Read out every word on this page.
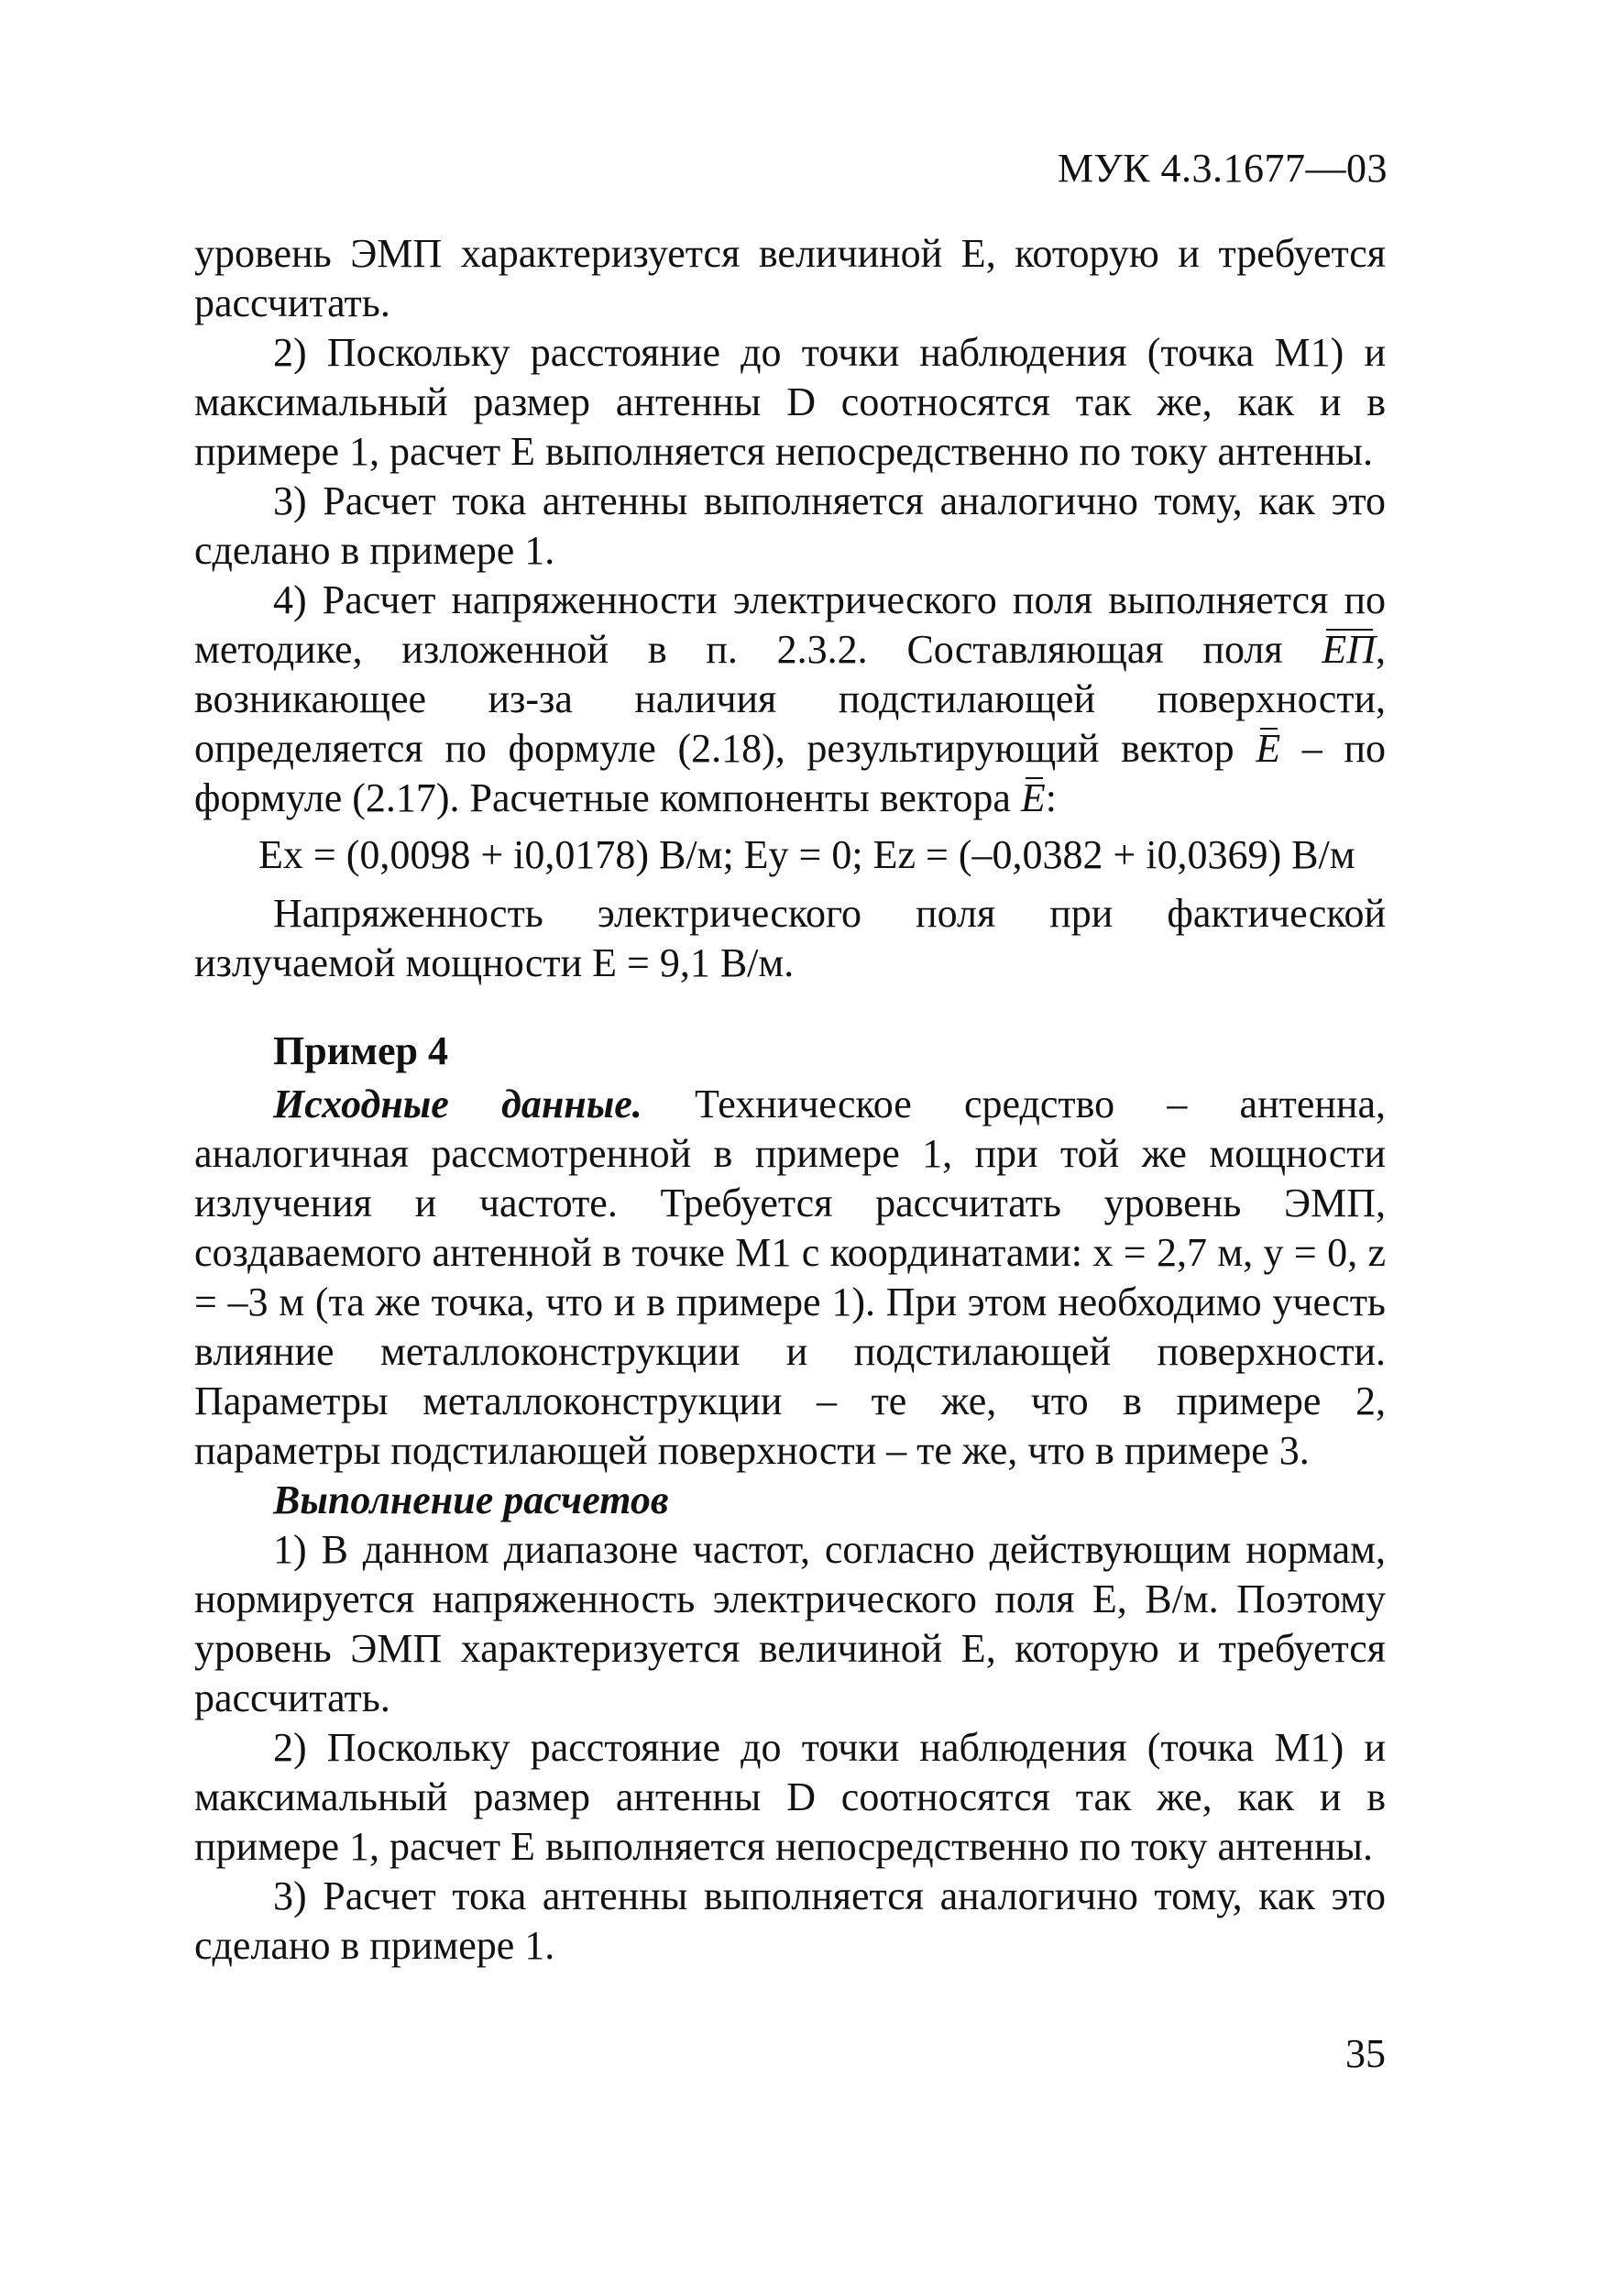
МУК 4.3.1677—03

уровень ЭМП характеризуется величиной E, которую и требуется рассчитать.

2) Поскольку расстояние до точки наблюдения (точка М1) и максимальный размер антенны D соотносятся так же, как и в примере 1, расчет E выполняется непосредственно по току антенны.

3) Расчет тока антенны выполняется аналогично тому, как это сделано в примере 1.

4) Расчет напряженности электрического поля выполняется по методике, изложенной в п. 2.3.2. Составляющая поля EП, возникающее из-за наличия подстилающей поверхности, определяется по формуле (2.18), результирующий вектор E – по формуле (2.17). Расчетные компоненты вектора E:

Ex = (0,0098 + i0,0178) В/м; Ey = 0; Ez = (–0,0382 + i0,0369) В/м

Напряженность электрического поля при фактической излучаемой мощности E = 9,1 В/м.

Пример 4

Исходные данные. Техническое средство – антенна, аналогичная рассмотренной в примере 1, при той же мощности излучения и частоте. Требуется рассчитать уровень ЭМП, создаваемого антенной в точке М1 с координатами: x = 2,7 м, y = 0, z = –3 м (та же точка, что и в примере 1). При этом необходимо учесть влияние металлоконструкции и подстилающей поверхности. Параметры металлоконструкции – те же, что в примере 2, параметры подстилающей поверхности – те же, что в примере 3.

Выполнение расчетов

1) В данном диапазоне частот, согласно действующим нормам, нормируется напряженность электрического поля E, В/м. Поэтому уровень ЭМП характеризуется величиной E, которую и требуется рассчитать.

2) Поскольку расстояние до точки наблюдения (точка М1) и максимальный размер антенны D соотносятся так же, как и в примере 1, расчет E выполняется непосредственно по току антенны.

3) Расчет тока антенны выполняется аналогично тому, как это сделано в примере 1.

35
